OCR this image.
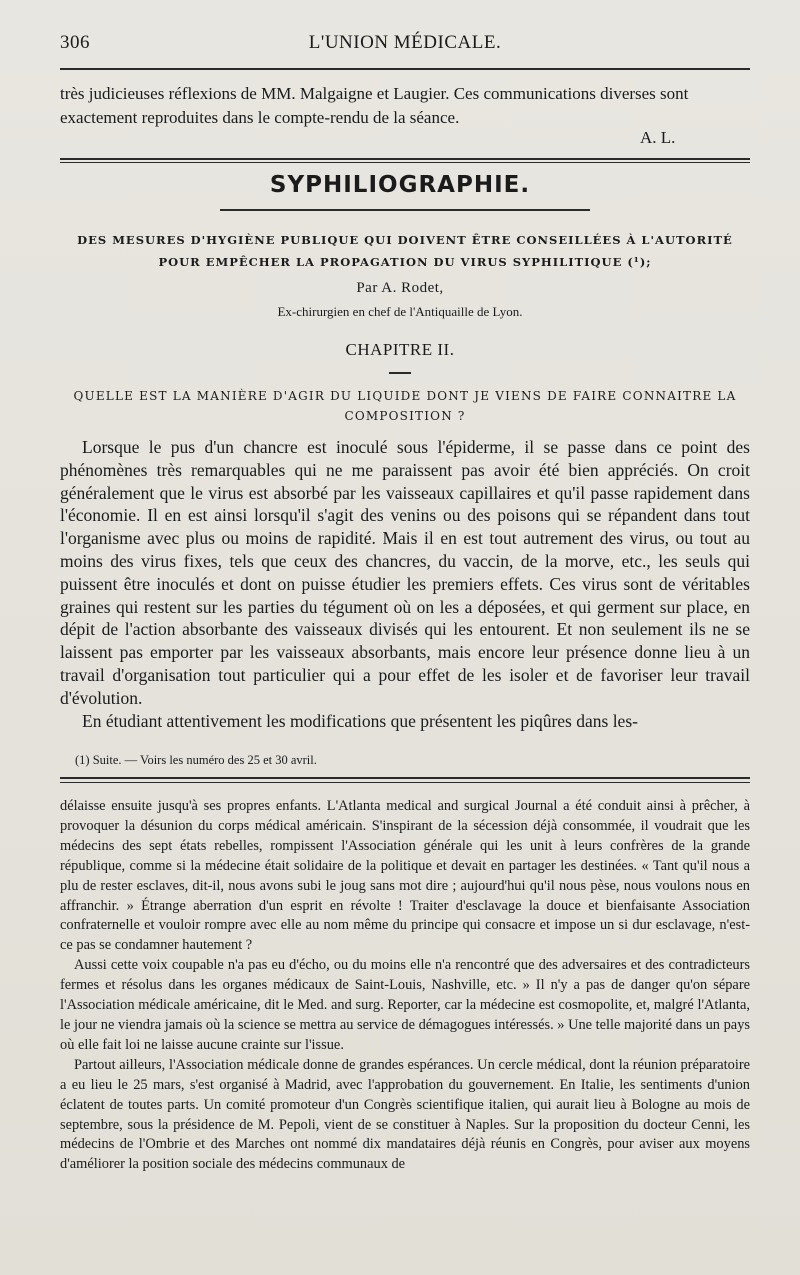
306	L'UNION MÉDICALE.
très judicieuses réflexions de MM. Malgaigne et Laugier. Ces communications diverses sont exactement reproduites dans le compte-rendu de la séance.
A. L.
SYPHILIOGRAPHIE.
DES MESURES D'HYGIÈNE PUBLIQUE QUI DOIVENT ÊTRE CONSEILLÉES À L'AUTORITÉ POUR EMPÊCHER LA PROPAGATION DU VIRUS SYPHILITIQUE (¹);
Par A. Rodet,
Ex-chirurgien en chef de l'Antiquaille de Lyon.
CHAPITRE II.
QUELLE EST LA MANIÈRE D'AGIR DU LIQUIDE DONT JE VIENS DE FAIRE CONNAITRE LA COMPOSITION ?

Lorsque le pus d'un chancre est inoculé sous l'épiderme, il se passe dans ce point des phénomènes très remarquables qui ne me paraissent pas avoir été bien appréciés. On croit généralement que le virus est absorbé par les vaisseaux capillaires et qu'il passe rapidement dans l'économie. Il en est ainsi lorsqu'il s'agit des venins ou des poisons qui se répandent dans tout l'organisme avec plus ou moins de rapidité. Mais il en est tout autrement des virus, ou tout au moins des virus fixes, tels que ceux des chancres, du vaccin, de la morve, etc., les seuls qui puissent être inoculés et dont on puisse étudier les premiers effets. Ces virus sont de véritables graines qui restent sur les parties du tégument où on les a déposées, et qui germent sur place, en dépit de l'action absorbante des vaisseaux divisés qui les entourent. Et non seulement ils ne se laissent pas emporter par les vaisseaux absorbants, mais encore leur présence donne lieu à un travail d'organisation tout particulier qui a pour effet de les isoler et de favoriser leur travail d'évolution.

En étudiant attentivement les modifications que présentent les piqûres dans les-

(1) Suite. — Voirs les numéro des 25 et 30 avril.

délaisse ensuite jusqu'à ses propres enfants. L'Atlanta medical and surgical Journal a été conduit ainsi à prêcher, à provoquer la désunion du corps médical américain. S'inspirant de la sécession déjà consommée, il voudrait que les médecins des sept états rebelles, rompissent l'Association générale qui les unit à leurs confrères de la grande république, comme si la médecine était solidaire de la politique et devait en partager les destinées. « Tant qu'il nous a plu de rester esclaves, dit-il, nous avons subi le joug sans mot dire ; aujourd'hui qu'il nous pèse, nous voulons nous en affranchir. » Étrange aberration d'un esprit en révolte ! Traiter d'esclavage la douce et bienfaisante Association confraternelle et vouloir rompre avec elle au nom même du principe qui consacre et impose un si dur esclavage, n'est-ce pas se condamner hautement ?

Aussi cette voix coupable n'a pas eu d'écho, ou du moins elle n'a rencontré que des adversaires et des contradicteurs fermes et résolus dans les organes médicaux de Saint-Louis, Nashville, etc. » Il n'y a pas de danger qu'on sépare l'Association médicale américaine, dit le Med. and surg. Reporter, car la médecine est cosmopolite, et, malgré l'Atlanta, le jour ne viendra jamais où la science se mettra au service de démagogues intéressés. » Une telle majorité dans un pays où elle fait loi ne laisse aucune crainte sur l'issue.

Partout ailleurs, l'Association médicale donne de grandes espérances. Un cercle médical, dont la réunion préparatoire a eu lieu le 25 mars, s'est organisé à Madrid, avec l'approbation du gouvernement. En Italie, les sentiments d'union éclatent de toutes parts. Un comité promoteur d'un Congrès scientifique italien, qui aurait lieu à Bologne au mois de septembre, sous la présidence de M. Pepoli, vient de se constituer à Naples. Sur la proposition du docteur Cenni, les médecins de l'Ombrie et des Marches ont nommé dix mandataires déjà réunis en Congrès, pour aviser aux moyens d'améliorer la position sociale des médecins communaux de
